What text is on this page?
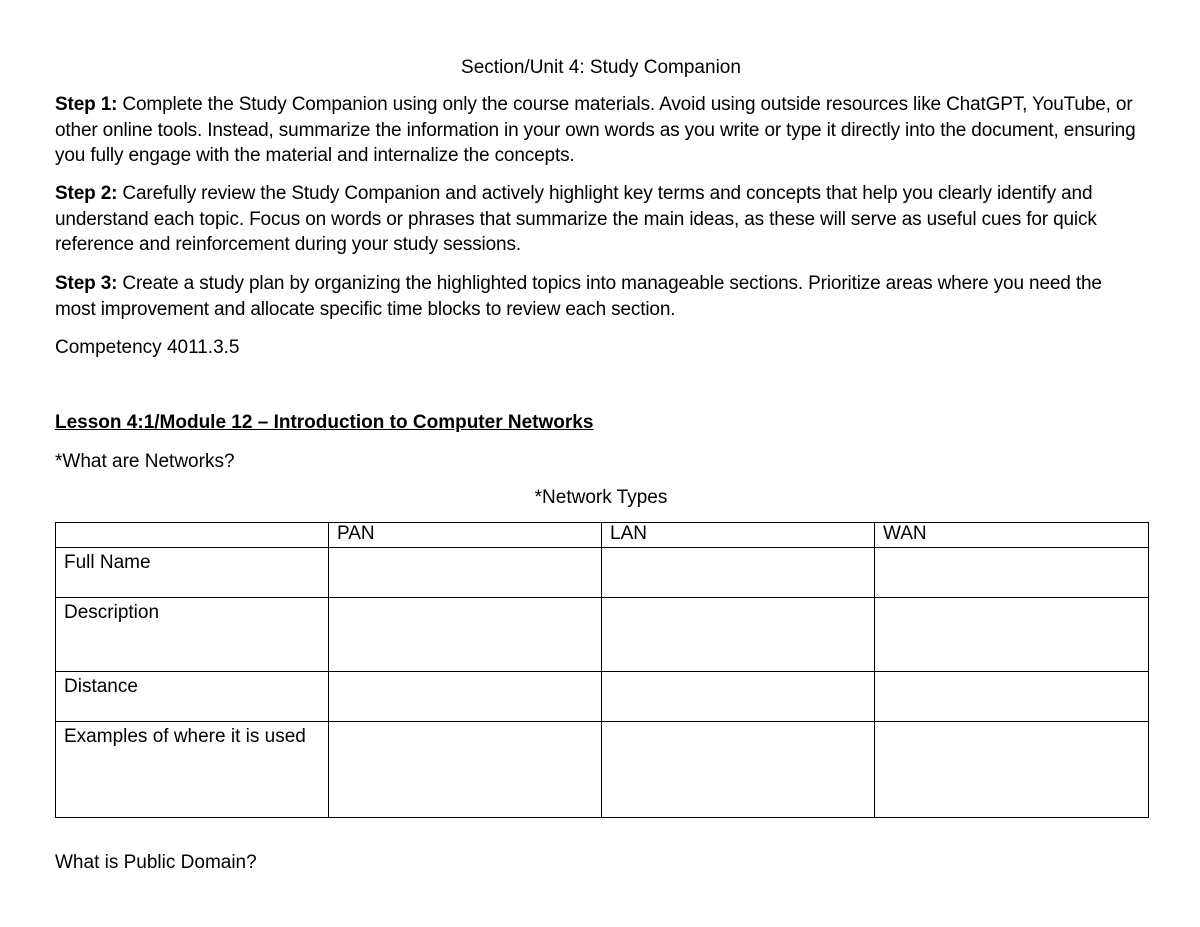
Section/Unit 4: Study Companion

Step 1: Complete the Study Companion using only the course materials. Avoid using outside resources like ChatGPT, YouTube, or other online tools. Instead, summarize the information in your own words as you write or type it directly into the document, ensuring you fully engage with the material and internalize the concepts.

Step 2: Carefully review the Study Companion and actively highlight key terms and concepts that help you clearly identify and understand each topic. Focus on words or phrases that summarize the main ideas, as these will serve as useful cues for quick reference and reinforcement during your study sessions.

Step 3: Create a study plan by organizing the highlighted topics into manageable sections. Prioritize areas where you need the most improvement and allocate specific time blocks to review each section.

Competency 4011.3.5
Lesson 4:1/Module 12 – Introduction to Computer Networks
*What are Networks?
*Network Types
	PAN	LAN	WAN
Full Name			
Description			
Distance			
Examples of where it is used			
What is Public Domain?
